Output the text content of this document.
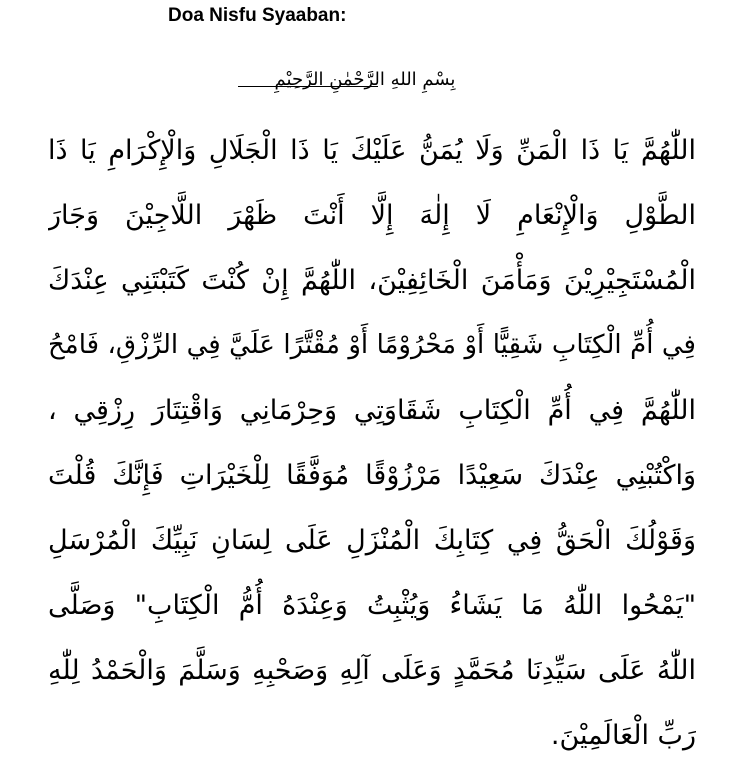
Doa Nisfu Syaaban:
بِسْمِ اللهِ الرَّحْمٰنِ الرَّحِيْمِ
اللّٰهُمَّ يَا ذَا الْمَنِّ وَلَا يُمَنُّ عَلَيْكَ يَا ذَا الْجَلَالِ وَالْإِكْرَامِ يَا ذَا
الطَّوْلِ وَالْإِنْعَامِ لَا إِلٰهَ إِلَّا أَنْتَ ظَهْرَ اللَّاجِيْنَ وَجَارَ
الْمُسْتَجِيْرِيْنَ وَمَأْمَنَ الْخَائِفِيْنَ، اللّٰهُمَّ إِنْ كُنْتَ كَتَبْتَنِي عِنْدَكَ
فِي أُمِّ الْكِتَابِ شَقِيًّا أَوْ مَحْرُوْمًا أَوْ مُقْتَّرًا عَلَيَّ فِي الرِّزْقِ، فَامْحُ
اللّٰهُمَّ فِي أُمِّ الْكِتَابِ شَقَاوَتِي وَحِرْمَانِي وَاقْتِتَارَ رِزْقِي ،
وَاكْتُبْنِي عِنْدَكَ سَعِيْدًا مَرْزُوْقًا مُوَفَّقًا لِلْخَيْرَاتِ فَإِنَّكَ قُلْتَ
وَقَوْلُكَ الْحَقُّ فِي كِتَابِكَ الْمُنْزَلِ عَلَى لِسَانِ نَبِيِّكَ الْمُرْسَلِ
"يَمْحُوا اللّٰهُ مَا يَشَاءُ وَيُثْبِتُ وَعِنْدَهُ أُمُّ الْكِتَابِ" وَصَلَّى
اللّٰهُ عَلَى سَيِّدِنَا مُحَمَّدٍ وَعَلَى آلِهِ وَصَحْبِهِ وَسَلَّمَ وَالْحَمْدُ لِلّٰهِ
رَبِّ الْعَالَمِيْنَ.
